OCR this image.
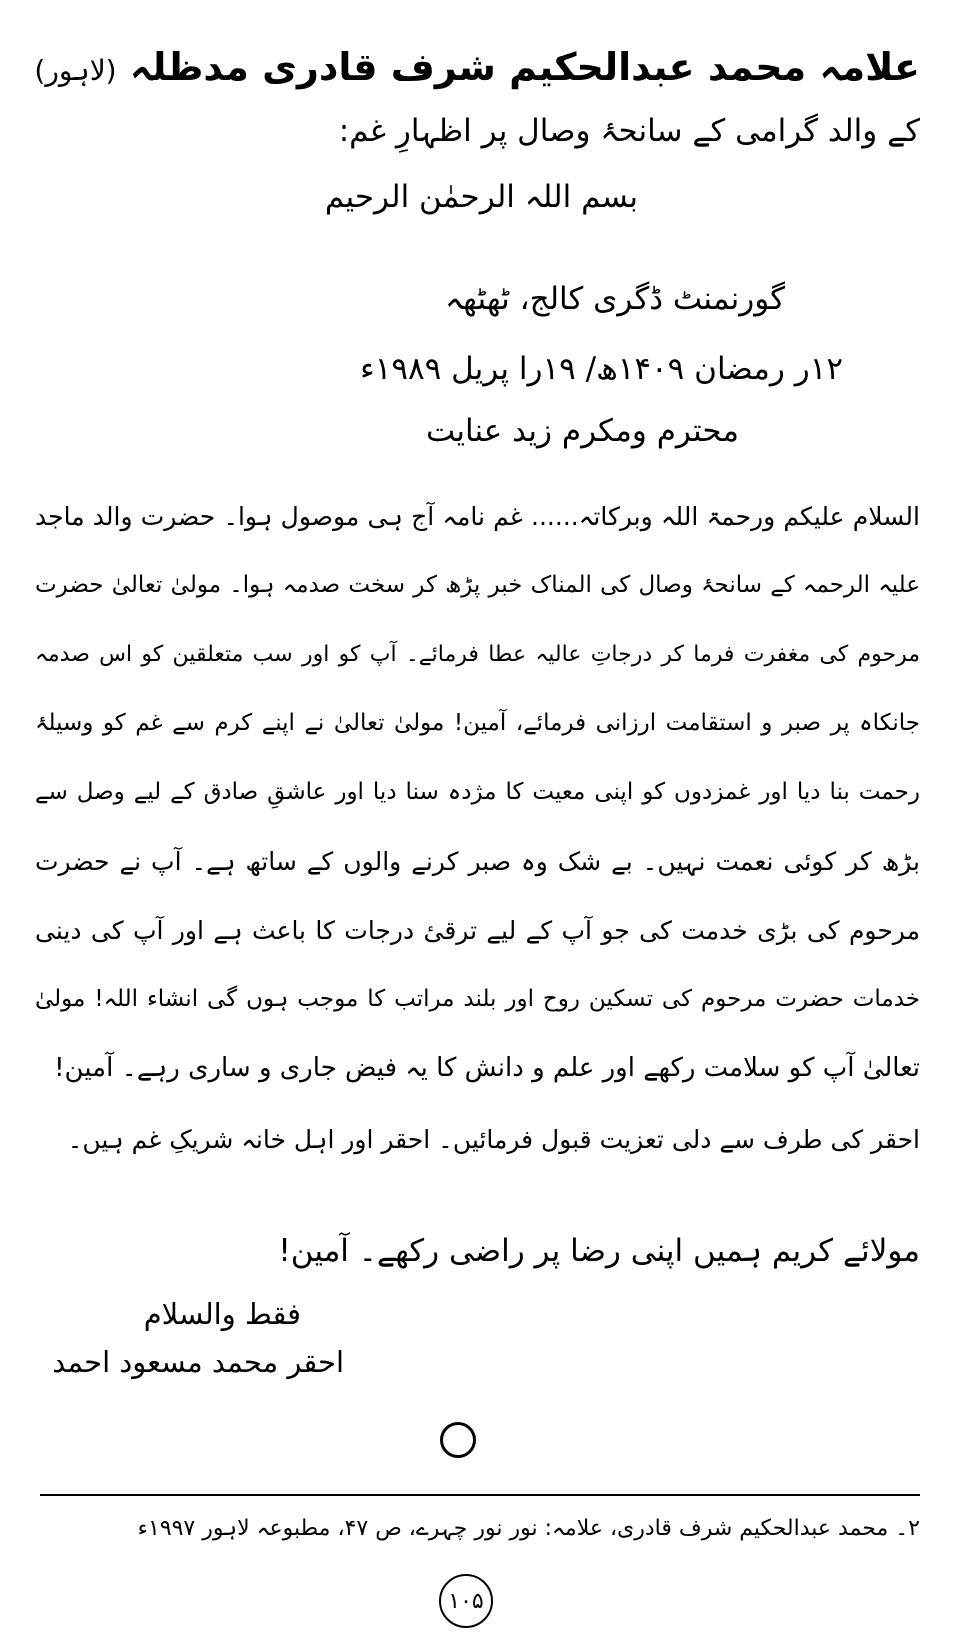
علامہ محمد عبدالحکیم شرف قادری مدظلہ (لاہور)
کے والد گرامی کے سانحۂ وصال پر اظہارِ غم:
بسم اللہ الرحمٰن الرحیم
گورنمنٹ ڈگری کالج، ٹھٹھہ
۱۲ر رمضان ۱۴۰۹ھ/ ۱۹را پریل ۱۹۸۹ء
محترم ومکرم زید عنایت
السلام علیکم ورحمۃ اللہ وبرکاتہ...... غم نامہ آج ہی موصول ہوا۔ حضرت والد ماجد
علیہ الرحمہ کے سانحۂ وصال کی المناک خبر پڑھ کر سخت صدمہ ہوا۔ مولیٰ تعالیٰ حضرت
مرحوم کی مغفرت فرما کر درجاتِ عالیہ عطا فرمائے۔ آپ کو اور سب متعلقین کو اس صدمہ
جانکاہ پر صبر و استقامت ارزانی فرمائے، آمین! مولیٰ تعالیٰ نے اپنے کرم سے غم کو وسیلۂ
رحمت بنا دیا اور غمزدوں کو اپنی معیت کا مژدہ سنا دیا اور عاشقِ صادق کے لیے وصل سے
بڑھ کر کوئی نعمت نہیں۔ بے شک وہ صبر کرنے والوں کے ساتھ ہے۔ آپ نے حضرت
مرحوم کی بڑی خدمت کی جو آپ کے لیے ترقیٔ درجات کا باعث ہے اور آپ کی دینی
خدمات حضرت مرحوم کی تسکین روح اور بلند مراتب کا موجب ہوں گی انشاء اللہ! مولیٰ
تعالیٰ آپ کو سلامت رکھے اور علم و دانش کا یہ فیض جاری و ساری رہے۔ آمین!
احقر کی طرف سے دلی تعزیت قبول فرمائیں۔ احقر اور اہل خانہ شریکِ غم ہیں۔
مولائے کریم ہمیں اپنی رضا پر راضی رکھے۔ آمین!
فقط والسلام
احقر محمد مسعود احمد
۲۔ محمد عبدالحکیم شرف قادری، علامہ: نور نور چہرے، ص ۴۷، مطبوعہ لاہور ۱۹۹۷ء
۱۰۵
